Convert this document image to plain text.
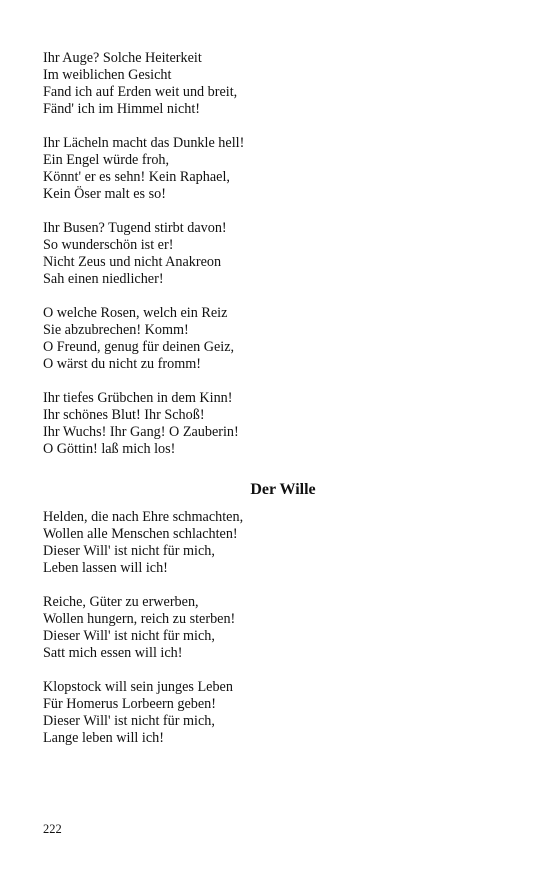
Ihr Auge? Solche Heiterkeit
Im weiblichen Gesicht
Fand ich auf Erden weit und breit,
Fänd' ich im Himmel nicht!
Ihr Lächeln macht das Dunkle hell!
Ein Engel würde froh,
Könnt' er es sehn! Kein Raphael,
Kein Öser malt es so!
Ihr Busen? Tugend stirbt davon!
So wunderschön ist er!
Nicht Zeus und nicht Anakreon
Sah einen niedlicher!
O welche Rosen, welch ein Reiz
Sie abzubrechen! Komm!
O Freund, genug für deinen Geiz,
O wärst du nicht zu fromm!
Ihr tiefes Grübchen in dem Kinn!
Ihr schönes Blut! Ihr Schoß!
Ihr Wuchs! Ihr Gang! O Zauberin!
O Göttin! laß mich los!
Der Wille
Helden, die nach Ehre schmachten,
Wollen alle Menschen schlachten!
Dieser Will' ist nicht für mich,
Leben lassen will ich!
Reiche, Güter zu erwerben,
Wollen hungern, reich zu sterben!
Dieser Will' ist nicht für mich,
Satt mich essen will ich!
Klopstock will sein junges Leben
Für Homerus Lorbeern geben!
Dieser Will' ist nicht für mich,
Lange leben will ich!
222
